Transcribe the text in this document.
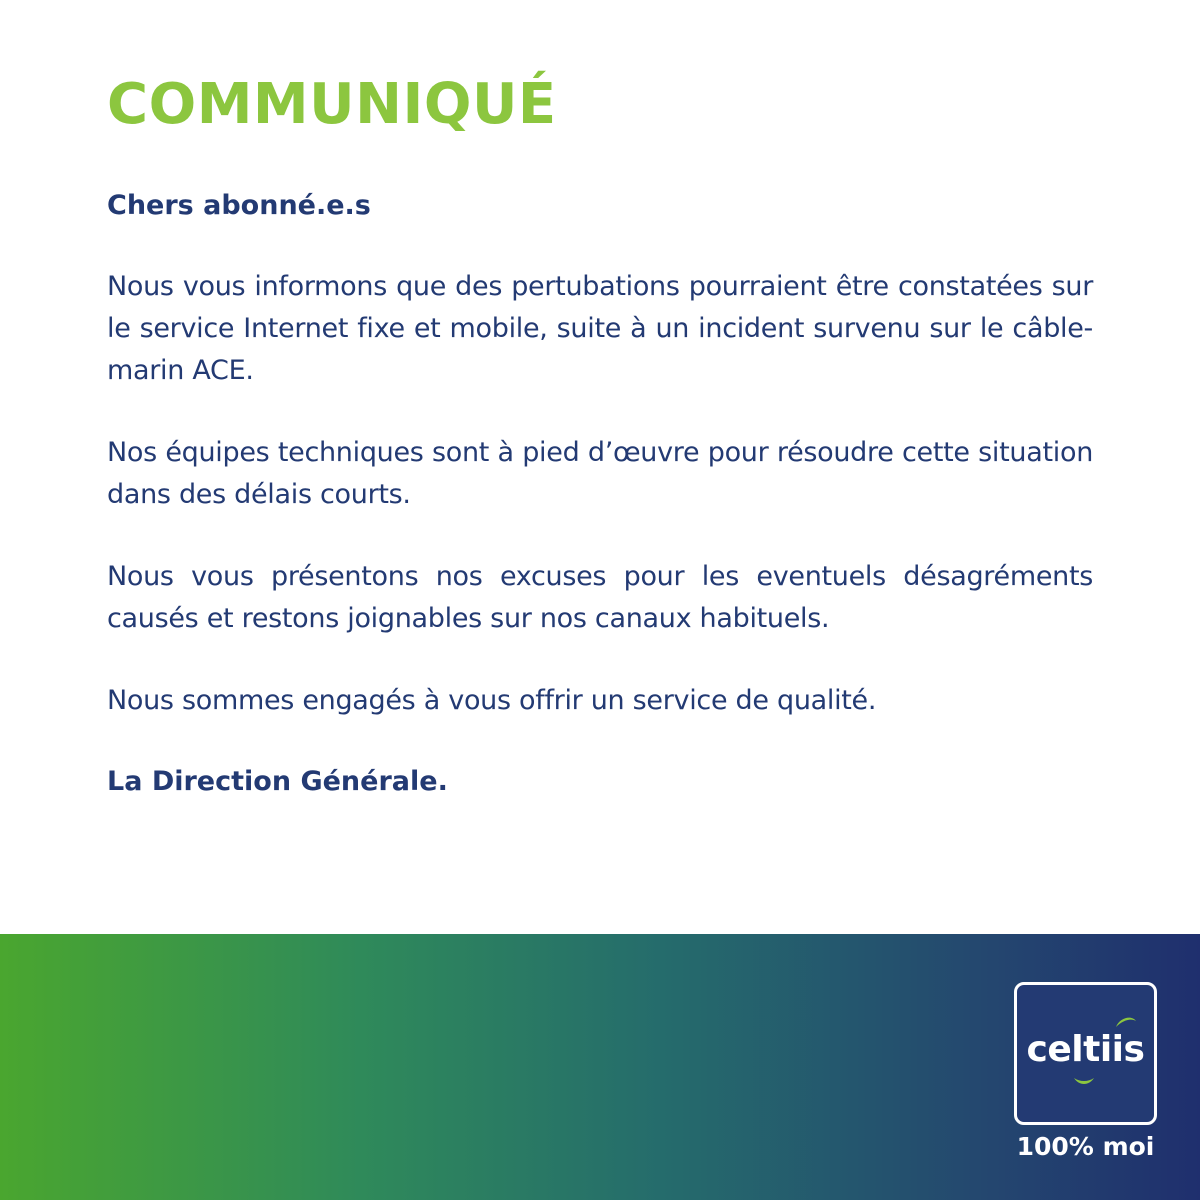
COMMUNIQUÉ

Chers abonné.e.s

Nous vous informons que des pertubations pourraient être constatées sur le service Internet fixe et mobile, suite à un incident survenu sur le câble-marin ACE.

Nos équipes techniques sont à pied d’œuvre pour résoudre cette situation dans des délais courts.

Nous vous présentons nos excuses pour les eventuels désagréments causés et restons joignables sur nos canaux habituels.

Nous sommes engagés à vous offrir un service de qualité.

La Direction Générale.

celtiis
100% moi
